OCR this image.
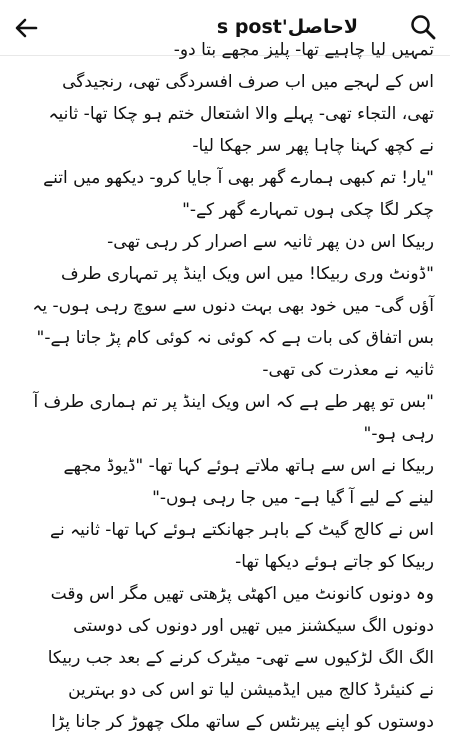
لاحاصل's post
تمہیں لیا چاہیے تھا- پلیز مجھے بتا دو-
اس کے لہجے میں اب صرف افسردگی تھی، رنجیدگی
تھی، التجاء تھی- پہلے والا اشتعال ختم ہو چکا تھا- ثانیہ
نے کچھ کہنا چاہا پھر سر جھکا لیا-
"یار! تم کبھی ہمارے گھر بھی آ جایا کرو- دیکھو میں اتنے
چکر لگا چکی ہوں تمہارے گھر کے-"
ربیکا اس دن پھر ثانیہ سے اصرار کر رہی تھی-
"ڈونٹ وری ربیکا! میں اس ویک اینڈ پر تمہاری طرف
آؤں گی- میں خود بھی بہت دنوں سے سوچ رہی ہوں- یہ
بس اتفاق کی بات ہے کہ کوئی نہ کوئی کام پڑ جاتا ہے-"
ثانیہ نے معذرت کی تھی-
"بس تو پھر طے ہے کہ اس ویک اینڈ پر تم ہماری طرف آ
رہی ہو-"
ربیکا نے اس سے ہاتھ ملاتے ہوئے کہا تھا- "ڈیوڈ مجھے
لینے کے لیے آ گیا ہے- میں جا رہی ہوں-"
اس نے کالج گیٹ کے باہر جھانکتے ہوئے کہا تھا- ثانیہ نے
ربیکا کو جاتے ہوئے دیکھا تھا-
وہ دونوں کانونٹ میں اکھٹی پڑھتی تھیں مگر اس وقت
دونوں الگ سیکشنز میں تھیں اور دونوں کی دوستی
الگ الگ لڑکیوں سے تھی- میٹرک کرنے کے بعد جب ربیکا
نے کنیئرڈ کالج میں ایڈمیشن لیا تو اس کی دو بہترین
دوستوں کو اپنے پیرنٹس کے ساتھ ملک چھوڑ کر جانا پڑا
